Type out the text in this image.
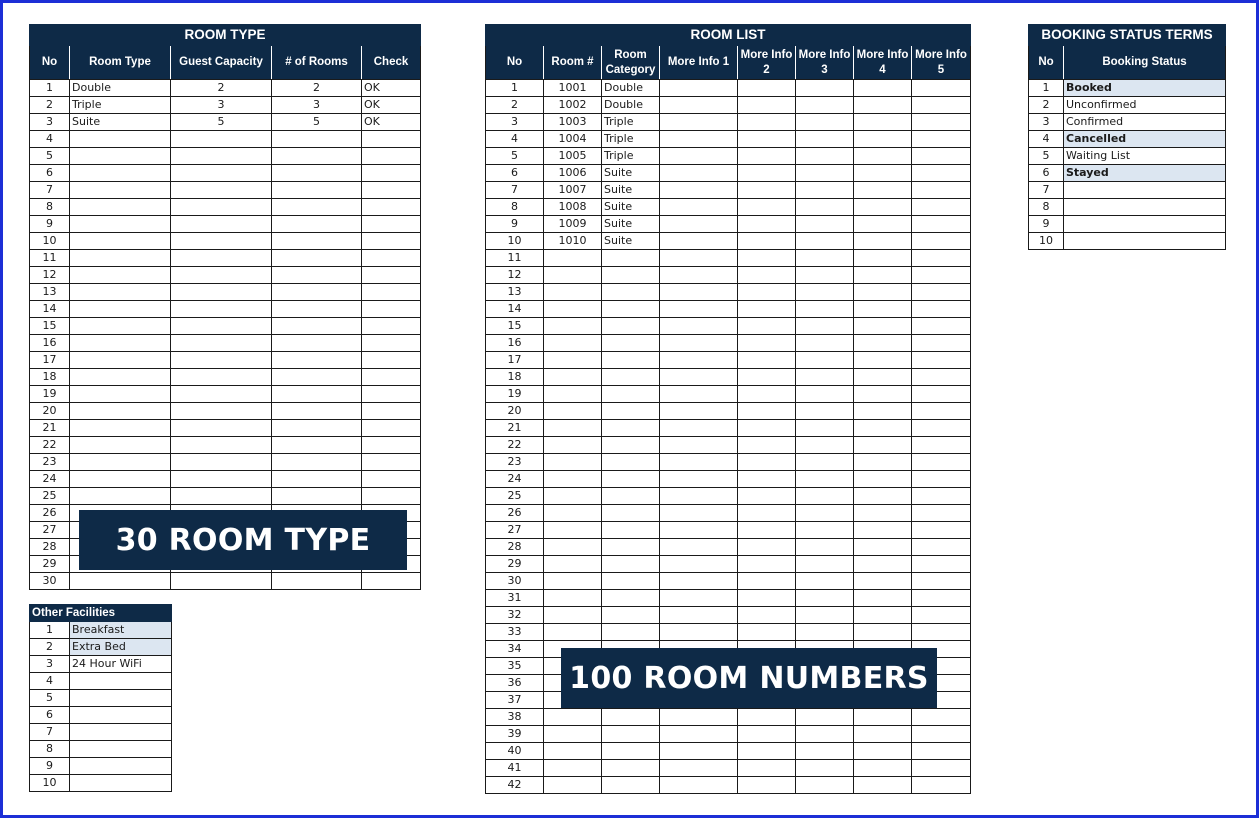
ROOM TYPE				
No	Room Type	Guest Capacity	# of Rooms	Check
1	Double	2	2	OK
2	Triple	3	3	OK
3	Suite	5	5	OK
4				
5				
6				
7				
8				
9				
10				
11				
12				
13				
14				
15				
16				
17				
18				
19				
20				
21				
22				
23				
24				
25				
26				
27				
28				
29				
30				
Other Facilities	
1	Breakfast
2	Extra Bed
3	24 Hour WiFi
4	
5	
6	
7	
8	
9	
10	
ROOM LIST							
No	Room #	Room Category	More Info 1	More Info 2	More Info 3	More Info 4	More Info 5
1	1001	Double					
2	1002	Double					
3	1003	Triple					
4	1004	Triple					
5	1005	Triple					
6	1006	Suite					
7	1007	Suite					
8	1008	Suite					
9	1009	Suite					
10	1010	Suite					
11							
12							
13							
14							
15							
16							
17							
18							
19							
20							
21							
22							
23							
24							
25							
26							
27							
28							
29							
30							
31							
32							
33							
34							
35							
36							
37							
38							
39							
40							
41							
42							
BOOKING STATUS TERMS	
No	Booking Status
1	Booked
2	Unconfirmed
3	Confirmed
4	Cancelled
5	Waiting List
6	Stayed
7	
8	
9	
10	
30 ROOM TYPE
100 ROOM NUMBERS
